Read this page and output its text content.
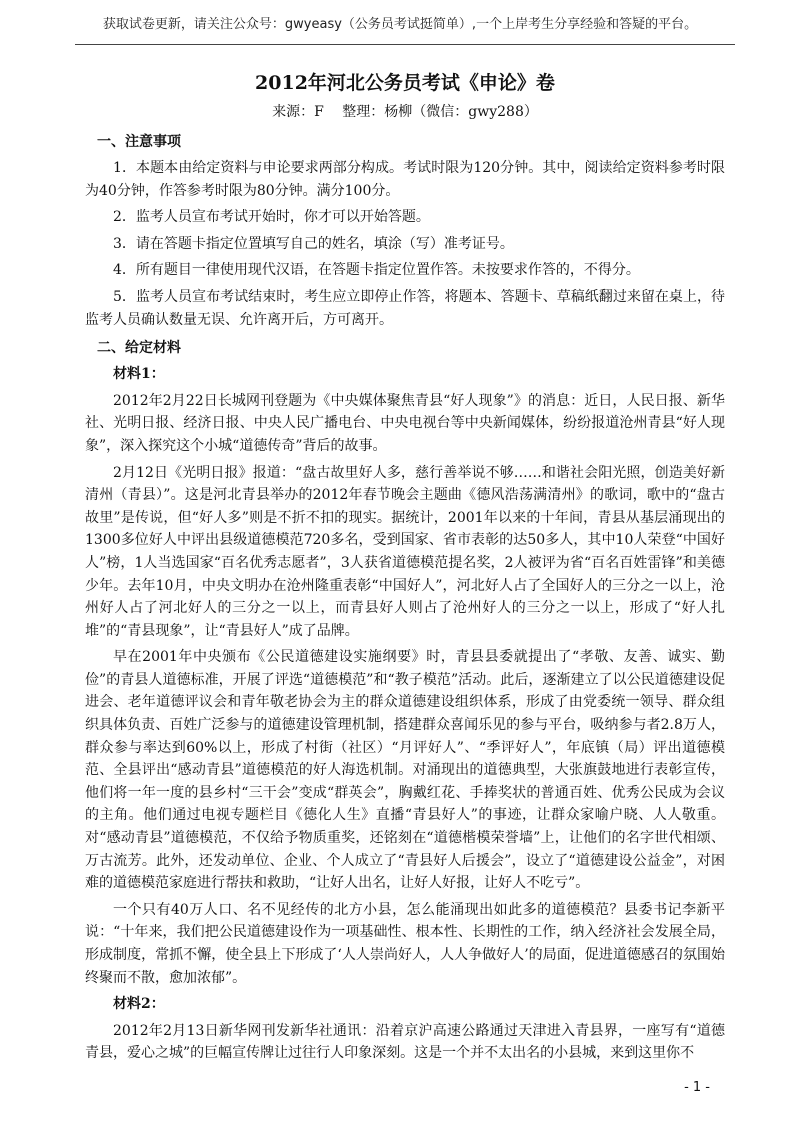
获取试卷更新，请关注公众号：gwyeasy（公务员考试挺简单）,一个上岸考生分享经验和答疑的平台。
2012年河北公务员考试《申论》卷
来源：F　 整理：杨柳（微信：gwy288）
一、注意事项

1．本题本由给定资料与申论要求两部分构成。考试时限为120分钟。其中，阅读给定资料参考时限为40分钟，作答参考时限为80分钟。满分100分。

2．监考人员宣布考试开始时，你才可以开始答题。

3．请在答题卡指定位置填写自己的姓名，填涂（写）准考证号。

4．所有题目一律使用现代汉语，在答题卡指定位置作答。未按要求作答的，不得分。

5．监考人员宣布考试结束时，考生应立即停止作答，将题本、答题卡、草稿纸翻过来留在桌上，待监考人员确认数量无误、允许离开后，方可离开。

二、给定材料

材料1：

2012年2月22日长城网刊登题为《中央媒体聚焦青县“好人现象”》的消息：近日，人民日报、新华社、光明日报、经济日报、中央人民广播电台、中央电视台等中央新闻媒体，纷纷报道沧州青县“好人现象”，深入探究这个小城“道德传奇”背后的故事。

2月12日《光明日报》报道：“盘古故里好人多，慈行善举说不够……和谐社会阳光照，创造美好新清州（青县）”。这是河北青县举办的2012年春节晚会主题曲《德风浩荡满清州》的歌词，歌中的“盘古故里”是传说，但“好人多”则是不折不扣的现实。据统计，2001年以来的十年间，青县从基层涌现出的1300多位好人中评出县级道德模范720多名，受到国家、省市表彰的达50多人，其中10人荣登“中国好人”榜，1人当选国家“百名优秀志愿者”，3人获省道德模范提名奖，2人被评为省“百名百姓雷锋”和美德少年。去年10月，中央文明办在沧州隆重表彰“中国好人”，河北好人占了全国好人的三分之一以上，沧州好人占了河北好人的三分之一以上，而青县好人则占了沧州好人的三分之一以上，形成了“好人扎堆”的“青县现象”，让“青县好人”成了品牌。

早在2001年中央颁布《公民道德建设实施纲要》时，青县县委就提出了“孝敬、友善、诚实、勤俭”的青县人道德标准，开展了评选“道德模范”和“教子模范”活动。此后，逐渐建立了以公民道德建设促进会、老年道德评议会和青年敬老协会为主的群众道德建设组织体系，形成了由党委统一领导、群众组织具体负责、百姓广泛参与的道德建设管理机制，搭建群众喜闻乐见的参与平台，吸纳参与者2.8万人，群众参与率达到60%以上，形成了村街（社区）“月评好人”、“季评好人”，年底镇（局）评出道德模范、全县评出“感动青县”道德模范的好人海选机制。对涌现出的道德典型，大张旗鼓地进行表彰宣传，他们将一年一度的县乡村“三干会”变成“群英会”，胸戴红花、手捧奖状的普通百姓、优秀公民成为会议的主角。他们通过电视专题栏目《德化人生》直播“青县好人”的事迹，让群众家喻户晓、人人敬重。对“感动青县”道德模范，不仅给予物质重奖，还铭刻在“道德楷模荣誉墙”上，让他们的名字世代相颂、万古流芳。此外，还发动单位、企业、个人成立了“青县好人后援会”，设立了“道德建设公益金”，对困难的道德模范家庭进行帮扶和救助，“让好人出名，让好人好报，让好人不吃亏”。

一个只有40万人口、名不见经传的北方小县，怎么能涌现出如此多的道德模范？县委书记李新平说：“十年来，我们把公民道德建设作为一项基础性、根本性、长期性的工作，纳入经济社会发展全局，形成制度，常抓不懈，使全县上下形成了‘人人崇尚好人，人人争做好人’的局面，促进道德感召的氛围始终聚而不散，愈加浓郁”。

材料2：

2012年2月13日新华网刊发新华社通讯：沿着京沪高速公路通过天津进入青县界，一座写有“道德青县，爱心之城”的巨幅宣传牌让过往行人印象深刻。这是一个并不太出名的小县城，来到这里你不

- 1 -
